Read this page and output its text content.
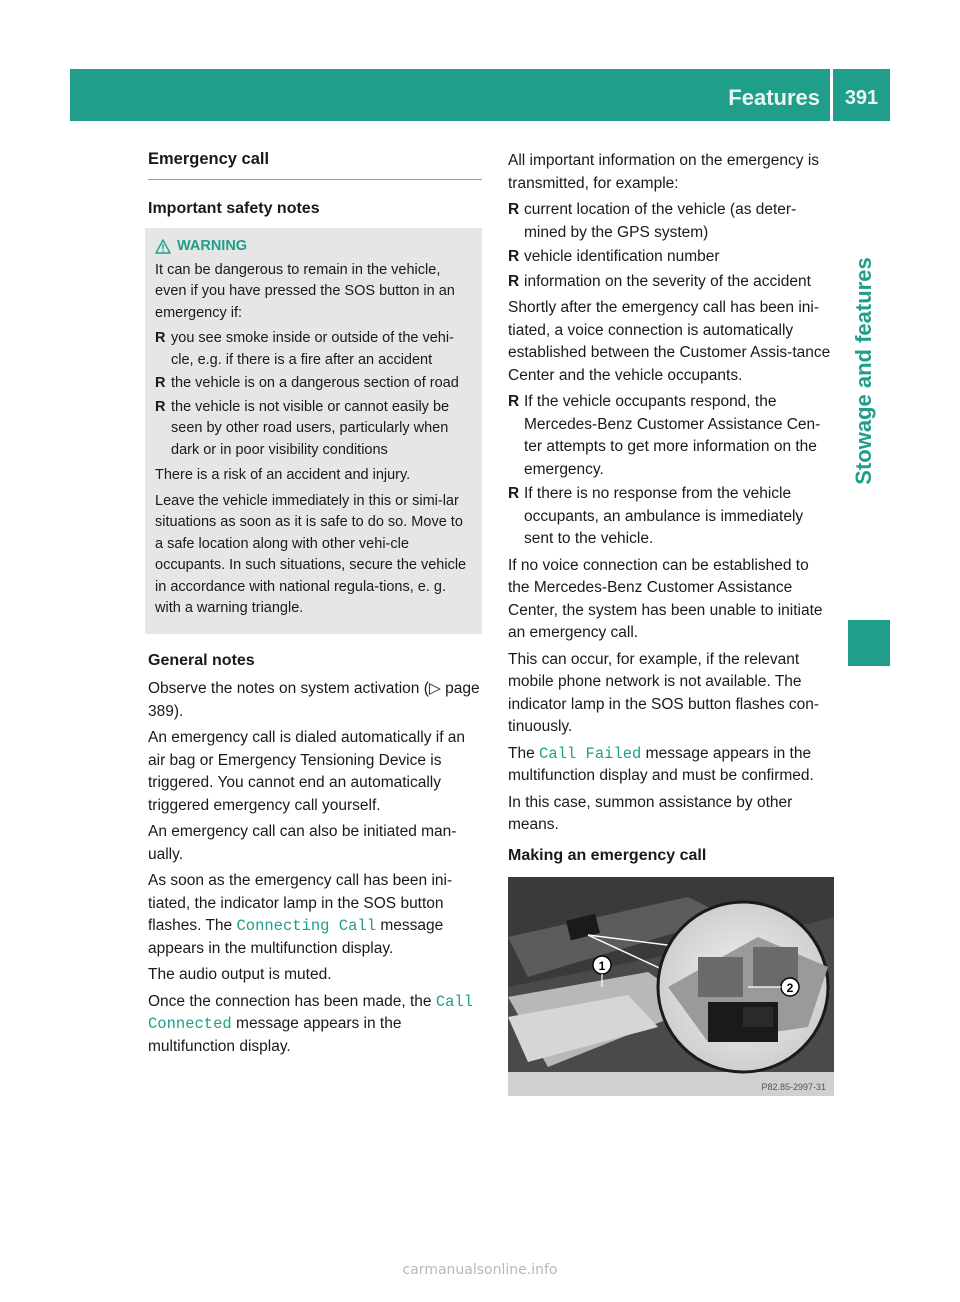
Features	391
Stowage and features
Emergency call
Important safety notes
WARNING

It can be dangerous to remain in the vehicle, even if you have pressed the SOS button in an emergency if:

R you see smoke inside or outside of the vehi-cle, e.g. if there is a fire after an accident
R the vehicle is on a dangerous section of road
R the vehicle is not visible or cannot easily be seen by other road users, particularly when dark or in poor visibility conditions

There is a risk of an accident and injury.

Leave the vehicle immediately in this or simi-lar situations as soon as it is safe to do so. Move to a safe location along with other vehi-cle occupants. In such situations, secure the vehicle in accordance with national regula-tions, e. g. with a warning triangle.

General notes

Observe the notes on system activation (▷ page 389).

An emergency call is dialed automatically if an air bag or Emergency Tensioning Device is triggered. You cannot end an automatically triggered emergency call yourself.

An emergency call can also be initiated man-ually.

As soon as the emergency call has been ini-tiated, the indicator lamp in the SOS button flashes. The Connecting Call message appears in the multifunction display.

The audio output is muted.

Once the connection has been made, the Call Connected message appears in the multifunction display.

All important information on the emergency is transmitted, for example:

R current location of the vehicle (as deter-mined by the GPS system)
R vehicle identification number
R information on the severity of the accident

Shortly after the emergency call has been ini-tiated, a voice connection is automatically established between the Customer Assis-tance Center and the vehicle occupants.

R If the vehicle occupants respond, the Mercedes-Benz Customer Assistance Cen-ter attempts to get more information on the emergency.
R If there is no response from the vehicle occupants, an ambulance is immediately sent to the vehicle.

If no voice connection can be established to the Mercedes-Benz Customer Assistance Center, the system has been unable to initiate an emergency call.

This can occur, for example, if the relevant mobile phone network is not available. The indicator lamp in the SOS button flashes con-tinuously.

The Call Failed message appears in the multifunction display and must be confirmed.

In this case, summon assistance by other means.

Making an emergency call
1
2
P82.85-2997-31
carmanualsonline.info
